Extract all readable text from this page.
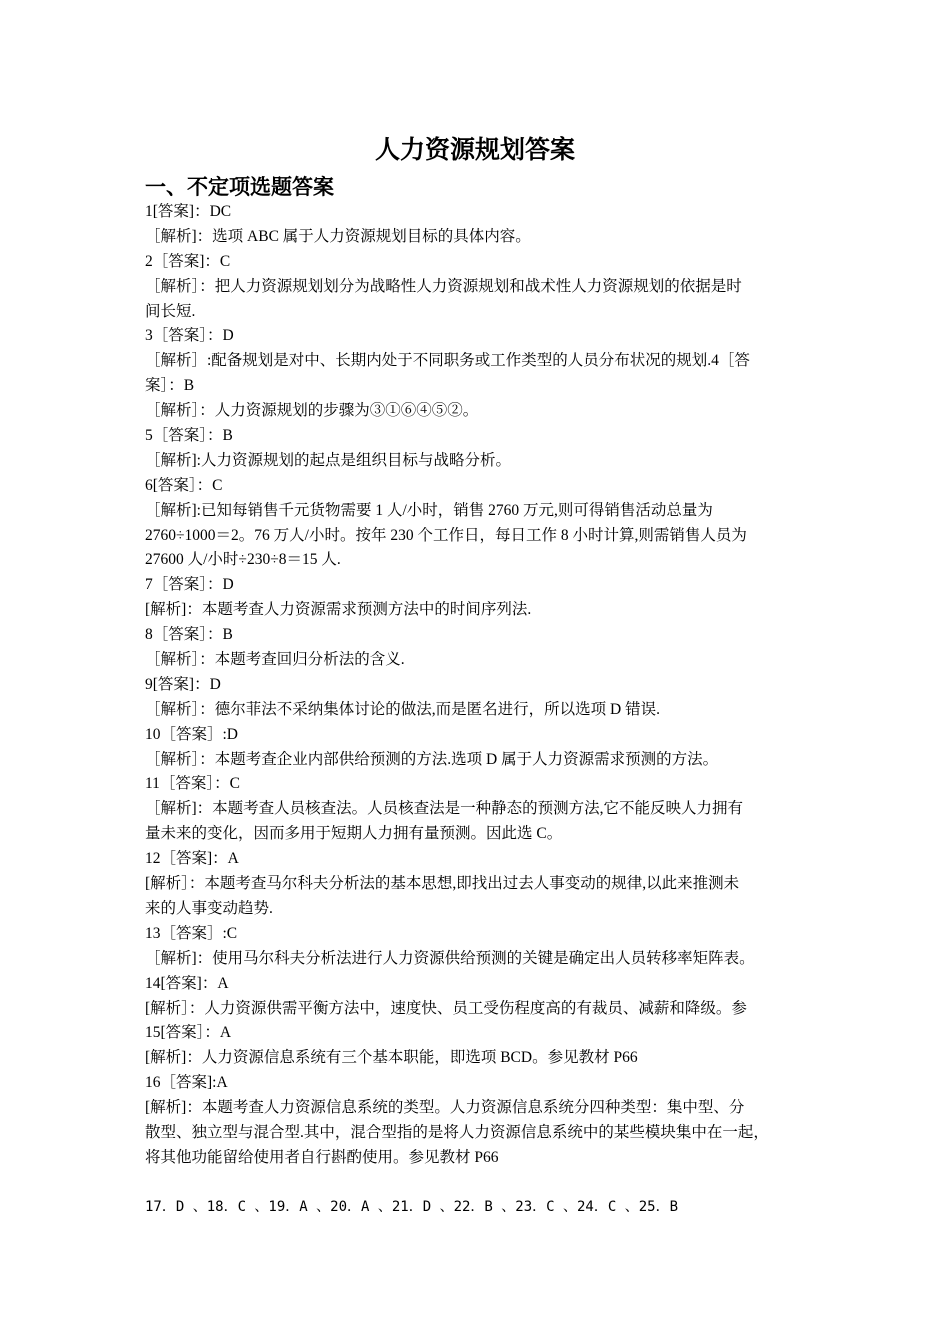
人力资源规划答案
一、不定项选题答案
1[答案]：DC
［解析]：选项 ABC 属于人力资源规划目标的具体内容。
2［答案]：C
［解析］：把人力资源规划划分为战略性人力资源规划和战术性人力资源规划的依据是时
间长短.
3［答案］：D
［解析］:配备规划是对中、长期内处于不同职务或工作类型的人员分布状况的规划.4［答
案］：B
［解析］：人力资源规划的步骤为③①⑥④⑤②。
5［答案］：B
［解析]:人力资源规划的起点是组织目标与战略分析。
6[答案］：C
［解析]:已知每销售千元货物需要 1 人/小时，销售 2760 万元,则可得销售活动总量为
2760÷1000＝2。76 万人/小时。按年 230 个工作日，每日工作 8 小时计算,则需销售人员为
27600 人/小时÷230÷8＝15 人.
7［答案］：D
[解析]：本题考查人力资源需求预测方法中的时间序列法.
8［答案］：B
［解析］：本题考查回归分析法的含义.
9[答案]：D
［解析］：德尔菲法不采纳集体讨论的做法,而是匿名进行，所以选项 D 错误.
10［答案］:D
［解析］：本题考查企业内部供给预测的方法.选项 D 属于人力资源需求预测的方法。
11［答案］：C
［解析]：本题考查人员核查法。人员核查法是一种静态的预测方法,它不能反映人力拥有
量未来的变化，因而多用于短期人力拥有量预测。因此选 C。
12［答案]：A
[解析］：本题考查马尔科夫分析法的基本思想,即找出过去人事变动的规律,以此来推测未
来的人事变动趋势.
13［答案］:C
［解析]：使用马尔科夫分析法进行人力资源供给预测的关键是确定出人员转移率矩阵表。
14[答案]：A
[解析］：人力资源供需平衡方法中，速度快、员工受伤程度高的有裁员、减薪和降级。参
15[答案］：A
[解析]：人力资源信息系统有三个基本职能，即选项 BCD。参见教材 P66
16［答案]:A
[解析]：本题考查人力资源信息系统的类型。人力资源信息系统分四种类型：集中型、分
散型、独立型与混合型.其中，混合型指的是将人力资源信息系统中的某些模块集中在一起，
将其他功能留给使用者自行斟酌使用。参见教材 P66
17．D 、18．C 、19．A 、20．A 、21．D 、22．B 、23．C 、24．C 、25．B
